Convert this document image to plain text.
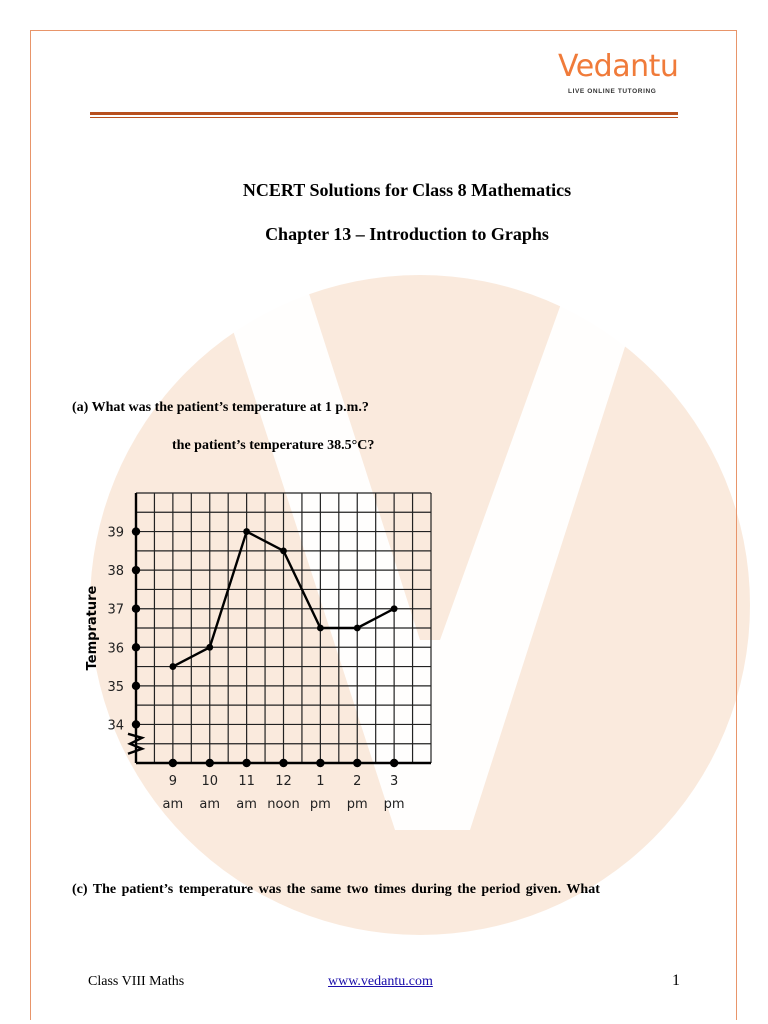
Vedantu
LIVE ONLINE TUTORING
NCERT Solutions for Class 8 Mathematics
Chapter 13 – Introduction to Graphs
(a) What was the patient’s temperature at 1 p.m.?
the patient’s temperature 38.5°C?
34
35
36
37
38
39
9
am
10
am
11
am
12
noon
1
pm
2
pm
3
pm
Temprature
(c) The patient’s temperature was the same two times during the period given. What
Class VIII Maths	www.vedantu.com	1
